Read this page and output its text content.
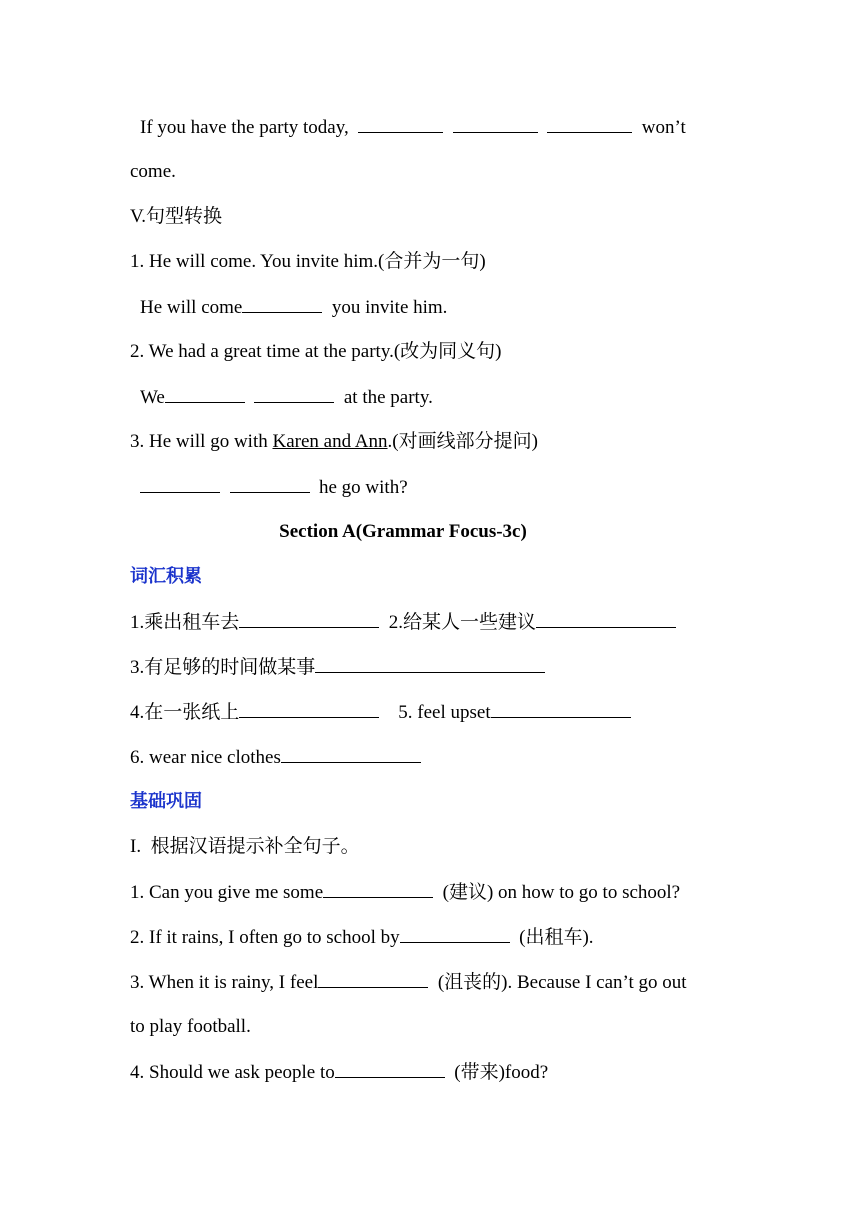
If you have the party today,	won’t
come.
V.句型转换
1. He will come. You invite him.(合并为一句)
He will come	you invite him.
2. We had a great time at the party.(改为同义句)
We	at the party.
3. He will go with Karen and Ann.(对画线部分提问)
he go with?
Section A(Grammar Focus-3c)
词汇积累
1.乘出租车去	2.给某人一些建议
3.有足够的时间做某事
4.在一张纸上	5. feel upset
6. wear nice clothes
基础巩固
I.  根据汉语提示补全句子。
1. Can you give me some	(建议) on how to go to school?
2. If it rains, I often go to school by	(出租车).
3. When it is rainy, I feel	(沮丧的). Because I can’t go out
to play football.
4. Should we ask people to	(带来)food?
